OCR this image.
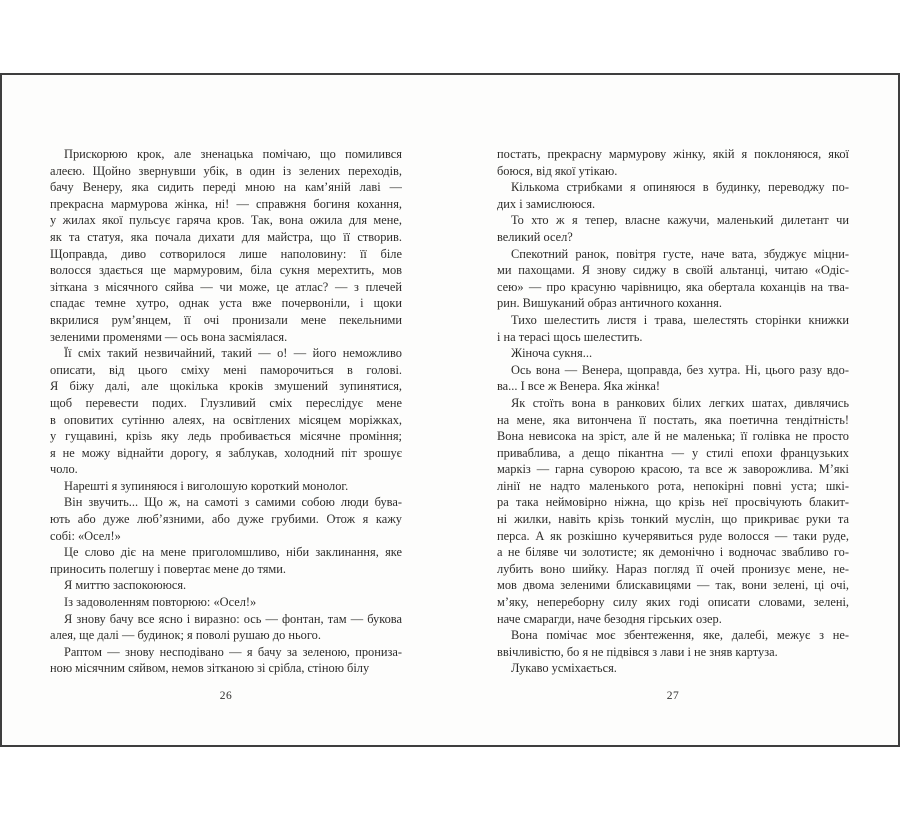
Прискорюю крок, але зненацька помічаю, що помилився
алеєю. Щойно звернувши убік, в один із зелених переходів,
бачу Венеру, яка сидить переді мною на кам’яній лаві —
прекрасна мармурова жінка, ні! — справжня богиня кохання,
у жилах якої пульсує гаряча кров. Так, вона ожила для мене,
як та статуя, яка почала дихати для майстра, що її створив.
Щоправда, диво сотворилося лише наполовину: її біле
волосся здається ще мармуровим, біла сукня мерехтить, мов
зіткана з місячного сяйва — чи може, це атлас? — з плечей
спадає темне хутро, однак уста вже почервоніли, і щоки
вкрилися рум’янцем, її очі пронизали мене пекельними
зеленими променями — ось вона засміялася.
Її сміх такий незвичайний, такий — о! — його неможливо
описати, від цього сміху мені паморочиться в голові.
Я біжу далі, але щокілька кроків змушений зупинятися,
щоб перевести подих. Глузливий сміх переслідує мене
в оповитих сутінню алеях, на освітлених місяцем моріжках,
у гущавині, крізь яку ледь пробивається місячне проміння;
я не можу віднайти дорогу, я заблукав, холодний піт зрошує
чоло.
Нарешті я зупиняюся і виголошую короткий монолог.
Він звучить... Що ж, на самоті з самими собою люди бува-
ють або дуже люб’язними, або дуже грубими. Отож я кажу
собі: «Осел!»
Це слово діє на мене приголомшливо, ніби заклинання, яке
приносить полегшу і повертає мене до тями.
Я миттю заспокоююся.
Із задоволенням повторюю: «Осел!»
Я знову бачу все ясно і виразно: ось — фонтан, там — букова
алея, ще далі — будинок; я поволі рушаю до нього.
Раптом — знову несподівано — я бачу за зеленою, прониза-
ною місячним сяйвом, немов зітканою зі срібла, стіною білу
26
постать, прекрасну мармурову жінку, якій я поклоняюся, якої
боюся, від якої утікаю.
Кількома стрибками я опиняюся в будинку, переводжу по-
дих і замислююся.
То хто ж я тепер, власне кажучи, маленький дилетант чи
великий осел?
Спекотний ранок, повітря густе, наче вата, збуджує міцни-
ми пахощами. Я знову сиджу в своїй альтанці, читаю «Одіс-
сею» — про красуню чарівницю, яка обертала коханців на тва-
рин. Вишуканий образ античного кохання.
Тихо шелестить листя і трава, шелестять сторінки книжки
і на терасі щось шелестить.
Жіноча сукня...
Ось вона — Венера, щоправда, без хутра. Ні, цього разу вдо-
ва... І все ж Венера. Яка жінка!
Як стоїть вона в ранкових білих легких шатах, дивлячись
на мене, яка витончена її постать, яка поетична тендітність!
Вона невисока на зріст, але й не маленька; її голівка не просто
приваблива, а дещо пікантна — у стилі епохи французьких
маркіз — гарна суворою красою, та все ж заворожлива. М’які
лінії не надто маленького рота, непокірні повні уста; шкі-
ра така неймовірно ніжна, що крізь неї просвічують блакит-
ні жилки, навіть крізь тонкий муслін, що прикриває руки та
перса. А як розкішно кучерявиться руде волосся — таки руде,
а не біляве чи золотисте; як демонічно і водночас звабливо го-
лубить воно шийку. Нараз погляд її очей пронизує мене, не-
мов двома зеленими блискавицями — так, вони зелені, ці очі,
м’яку, непереборну силу яких годі описати словами, зелені,
наче смарагди, наче безодня гірських озер.
Вона помічає моє збентеження, яке, далебі, межує з не-
ввічливістю, бо я не підвівся з лави і не зняв картуза.
Лукаво усміхається.
27
